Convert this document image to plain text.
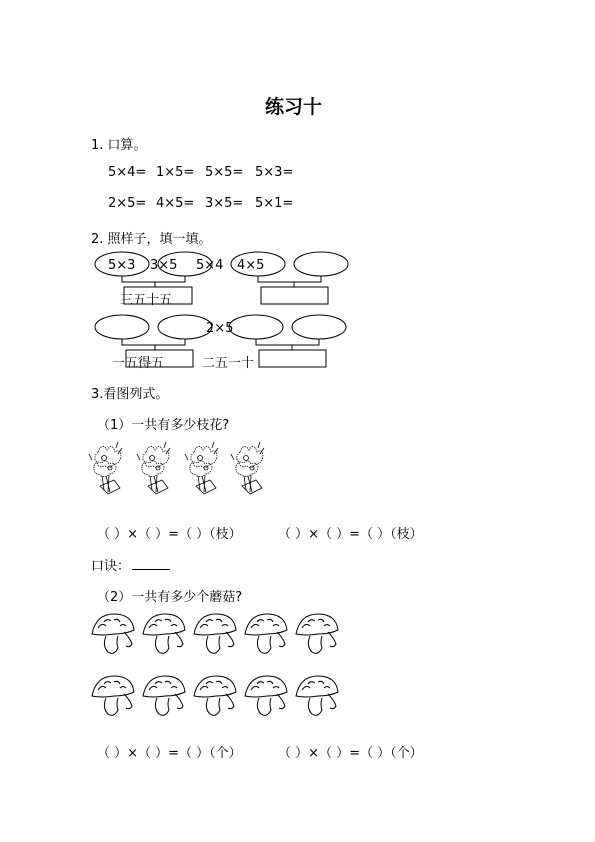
练习十
1. 口算。
5×4= 1×5= 5×5= 5×3=
2×5= 4×5= 3×5= 5×1=
2. 照样子，填一填。
5×3 3×5
三五十五
5×4 4×5
2×5
一五得五	二五一十
3.看图列式。
（1）一共有多少枝花?
（ ）×（ ）=（ ）（枝）	（ ）×（ ）=（ ）（枝）
口诀：
（2）一共有多少个蘑菇?
（ ）×（ ）=（ ）（个）	（ ）×（ ）=（ ）（个）
